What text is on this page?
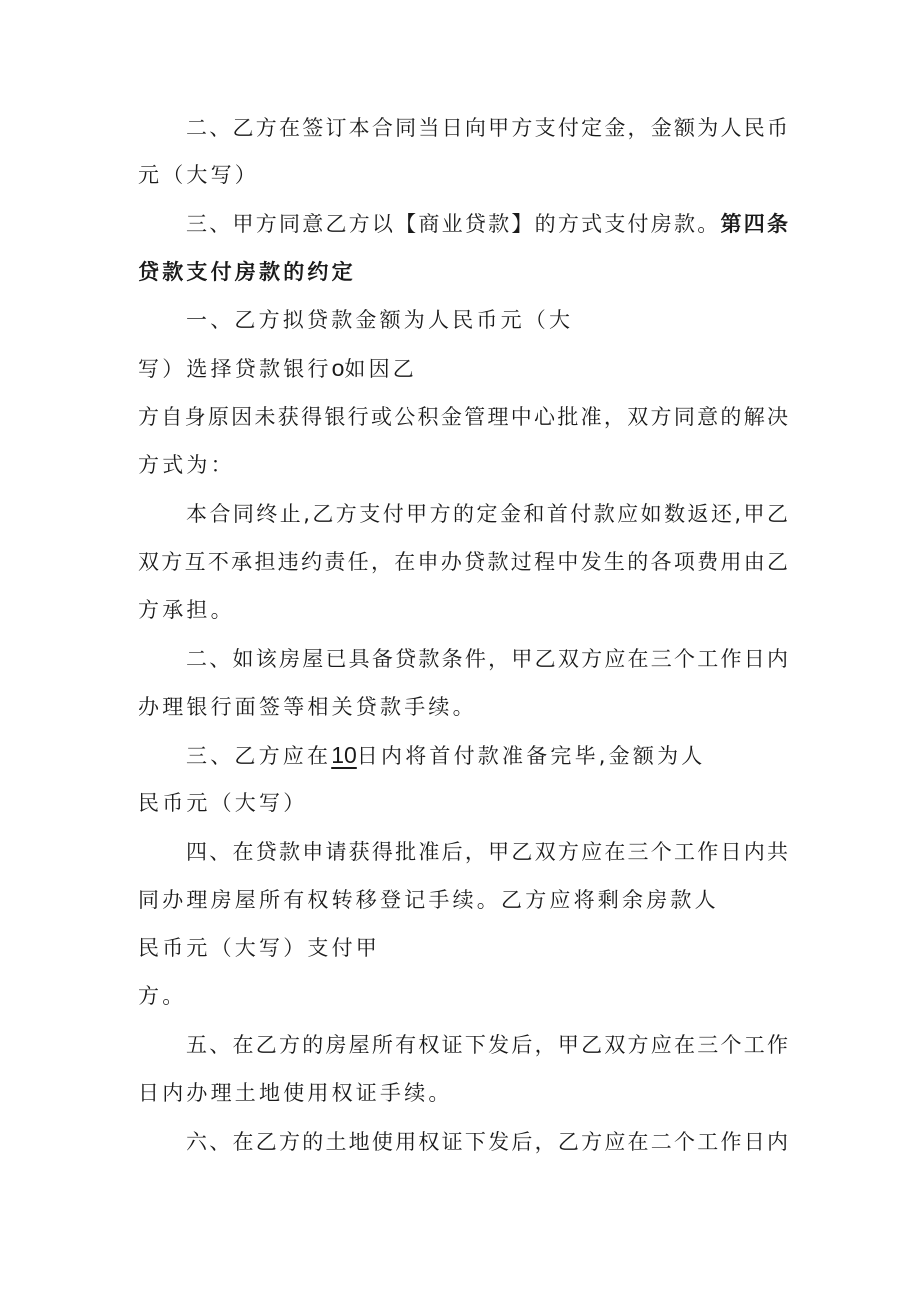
二、乙方在签订本合同当日向甲方支付定金，金额为人民币
元（大写）
三、甲方同意乙方以【商业贷款】的方式支付房款。第四条
贷款支付房款的约定
一、乙方拟贷款金额为人民币元（大
写）选择贷款银行o如因乙
方自身原因未获得银行或公积金管理中心批准，双方同意的解决
方式为：
本合同终止,乙方支付甲方的定金和首付款应如数返还,甲乙
双方互不承担违约责任，在申办贷款过程中发生的各项费用由乙
方承担。
二、如该房屋已具备贷款条件，甲乙双方应在三个工作日内
办理银行面签等相关贷款手续。
三、乙方应在10日内将首付款准备完毕,金额为人
民币元（大写）
四、在贷款申请获得批准后，甲乙双方应在三个工作日内共
同办理房屋所有权转移登记手续。乙方应将剩余房款人
民币元（大写）支付甲
方。
五、在乙方的房屋所有权证下发后，甲乙双方应在三个工作
日内办理土地使用权证手续。
六、在乙方的土地使用权证下发后，乙方应在二个工作日内
